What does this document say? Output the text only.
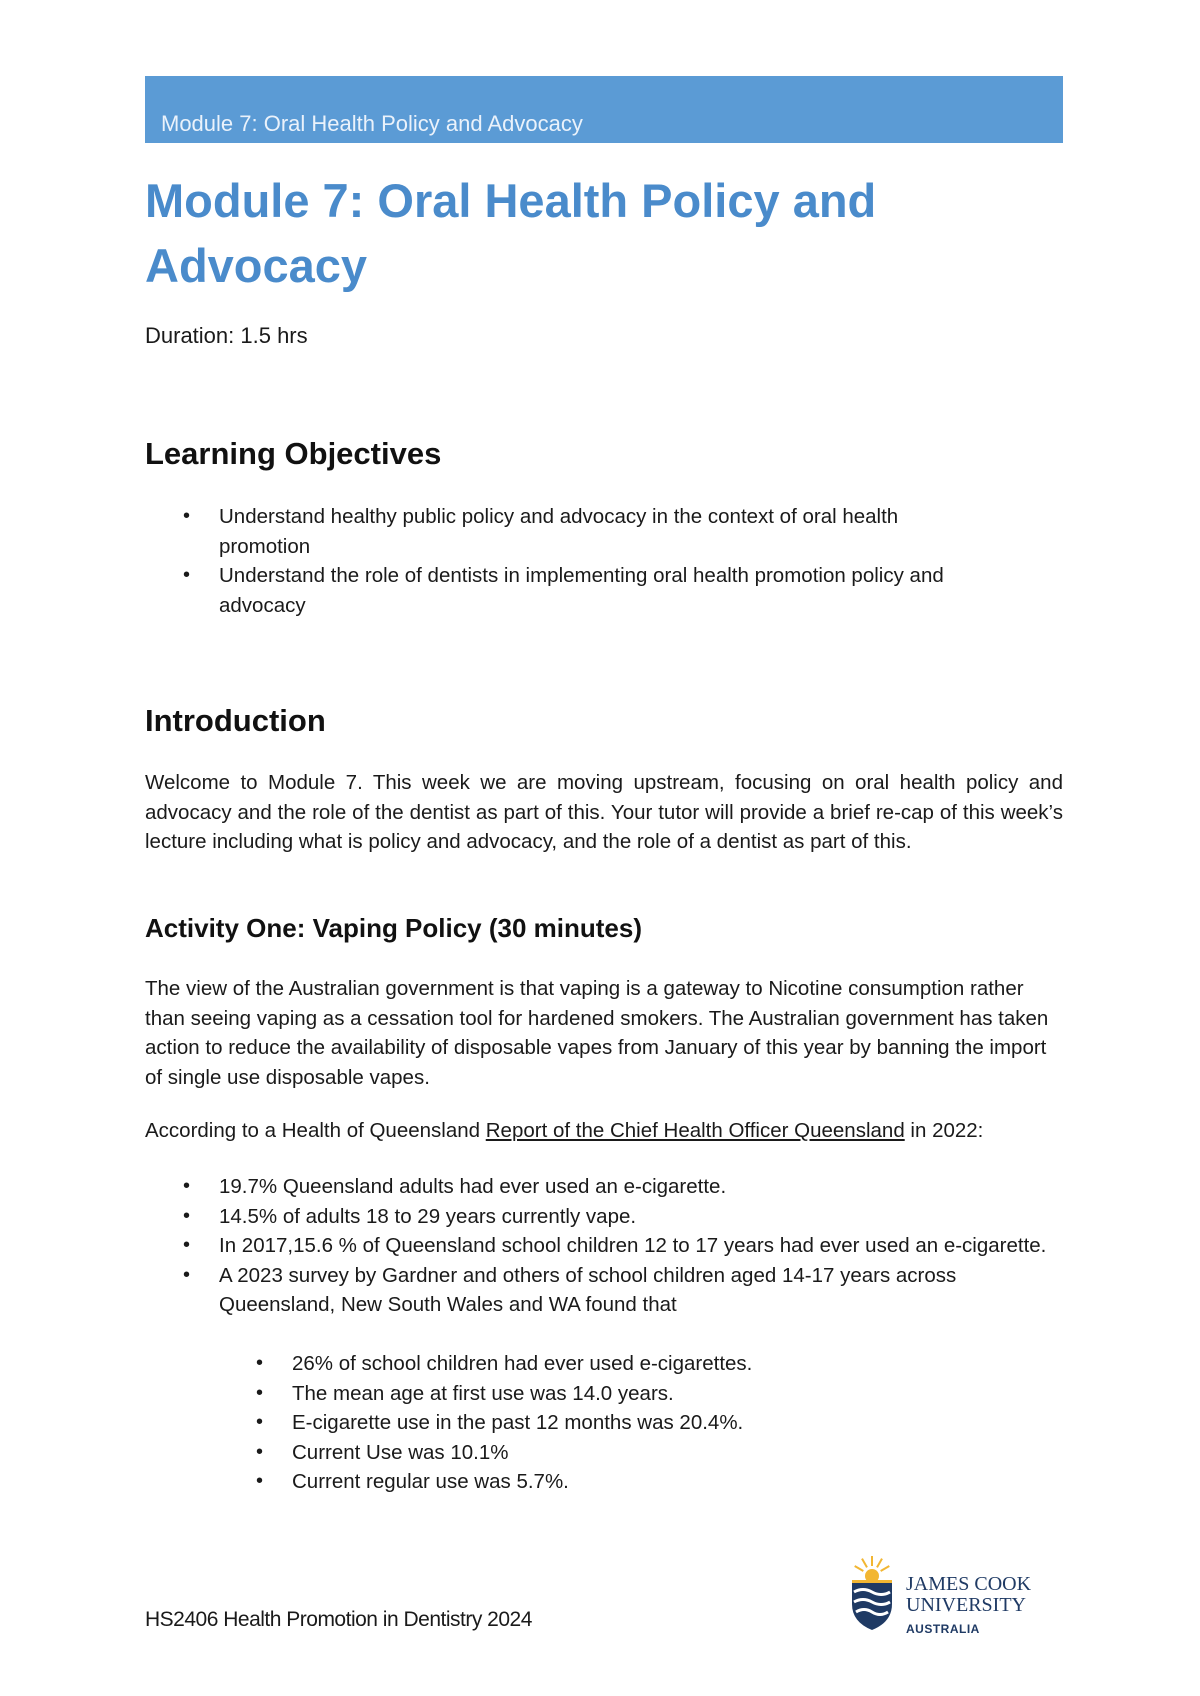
Module 7: Oral Health Policy and Advocacy
Module 7: Oral Health Policy and
Advocacy

Duration: 1.5 hrs

Learning Objectives
• Understand healthy public policy and advocacy in the context of oral health
promotion
• Understand the role of dentists in implementing oral health promotion policy and
advocacy
Introduction

Welcome to Module 7. This week we are moving upstream, focusing on oral health policy and advocacy and the role of the dentist as part of this. Your tutor will provide a brief re-cap of this week’s lecture including what is policy and advocacy, and the role of a dentist as part of this.

Activity One: Vaping Policy (30 minutes)

The view of the Australian government is that vaping is a gateway to Nicotine consumption rather than seeing vaping as a cessation tool for hardened smokers. The Australian government has taken action to reduce the availability of disposable vapes from January of this year by banning the import of single use disposable vapes.

According to a Health of Queensland Report of the Chief Health Officer Queensland in 2022:

• 19.7% Queensland adults had ever used an e-cigarette.
• 14.5% of adults 18 to 29 years currently vape.
• In 2017,15.6 % of Queensland school children 12 to 17 years had ever used an e-cigarette.
• A 2023 survey by Gardner and others of school children aged 14-17 years across Queensland, New South Wales and WA found that
• 26% of school children had ever used e-cigarettes.
• The mean age at first use was 14.0 years.
• E-cigarette use in the past 12 months was 20.4%.
• Current Use was 10.1%
• Current regular use was 5.7%.

HS2406 Health Promotion in Dentistry 2024

JAMES COOK
UNIVERSITY
AUSTRALIA
